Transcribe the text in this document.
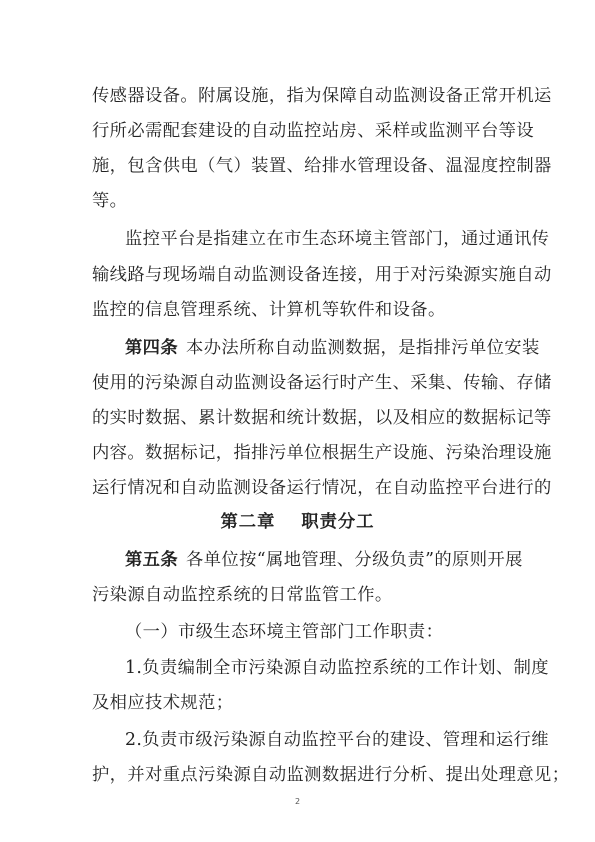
传感器设备。附属设施，指为保障自动监测设备正常开机运
行所必需配套建设的自动监控站房、采样或监测平台等设
施，包含供电（气）装置、给排水管理设备、温湿度控制器
等。
监控平台是指建立在市生态环境主管部门，通过通讯传
输线路与现场端自动监测设备连接，用于对污染源实施自动
监控的信息管理系统、计算机等软件和设备。
第四条 本办法所称自动监测数据，是指排污单位安装
使用的污染源自动监测设备运行时产生、采集、传输、存储
的实时数据、累计数据和统计数据，以及相应的数据标记等
内容。数据标记，指排污单位根据生产设施、污染治理设施
运行情况和自动监测设备运行情况，在自动监控平台进行的
第二章 职责分工
第五条 各单位按“属地管理、分级负责”的原则开展
污染源自动监控系统的日常监管工作。
（一）市级生态环境主管部门工作职责：
1.负责编制全市污染源自动监控系统的工作计划、制度
及相应技术规范；
2.负责市级污染源自动监控平台的建设、管理和运行维
护，并对重点污染源自动监测数据进行分析、提出处理意见；
2
